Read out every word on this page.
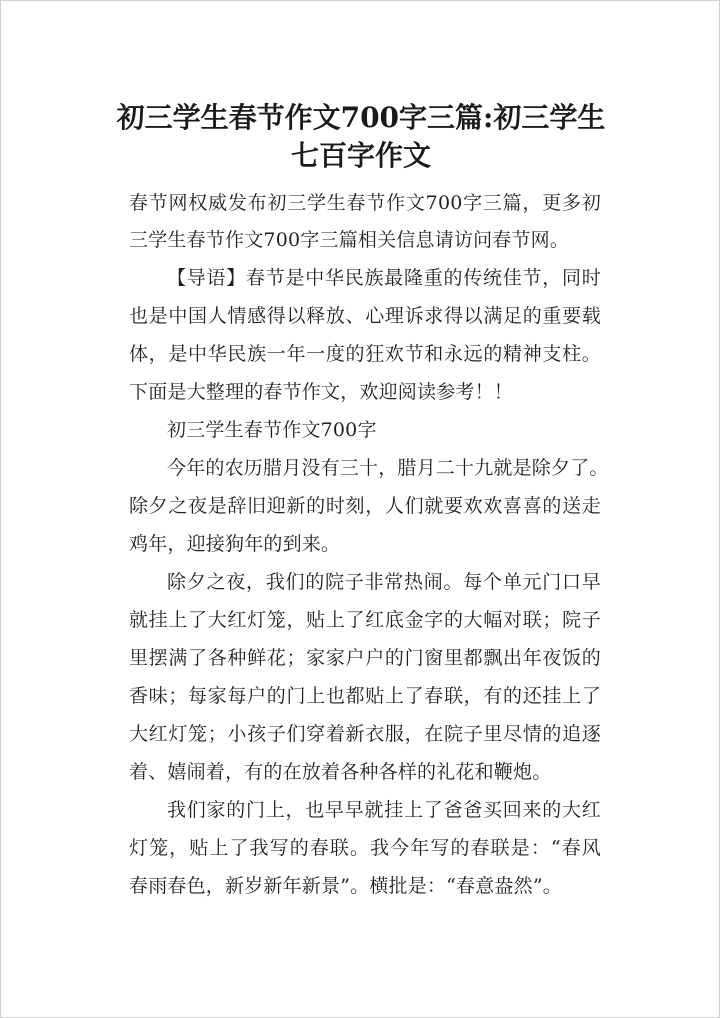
初三学生春节作文700字三篇:初三学生
七百字作文
春节网权威发布初三学生春节作文700字三篇，更多初
三学生春节作文700字三篇相关信息请访问春节网。
【导语】春节是中华民族最隆重的传统佳节，同时
也是中国人情感得以释放、心理诉求得以满足的重要载
体，是中华民族一年一度的狂欢节和永远的精神支柱。
下面是大整理的春节作文，欢迎阅读参考！！
初三学生春节作文700字
今年的农历腊月没有三十，腊月二十九就是除夕了。
除夕之夜是辞旧迎新的时刻，人们就要欢欢喜喜的送走
鸡年，迎接狗年的到来。
除夕之夜，我们的院子非常热闹。每个单元门口早
就挂上了大红灯笼，贴上了红底金字的大幅对联；院子
里摆满了各种鲜花；家家户户的门窗里都飘出年夜饭的
香味；每家每户的门上也都贴上了春联，有的还挂上了
大红灯笼；小孩子们穿着新衣服，在院子里尽情的追逐
着、嬉闹着，有的在放着各种各样的礼花和鞭炮。
我们家的门上，也早早就挂上了爸爸买回来的大红
灯笼，贴上了我写的春联。我今年写的春联是：“春风
春雨春色，新岁新年新景”。横批是：“春意盎然”。
